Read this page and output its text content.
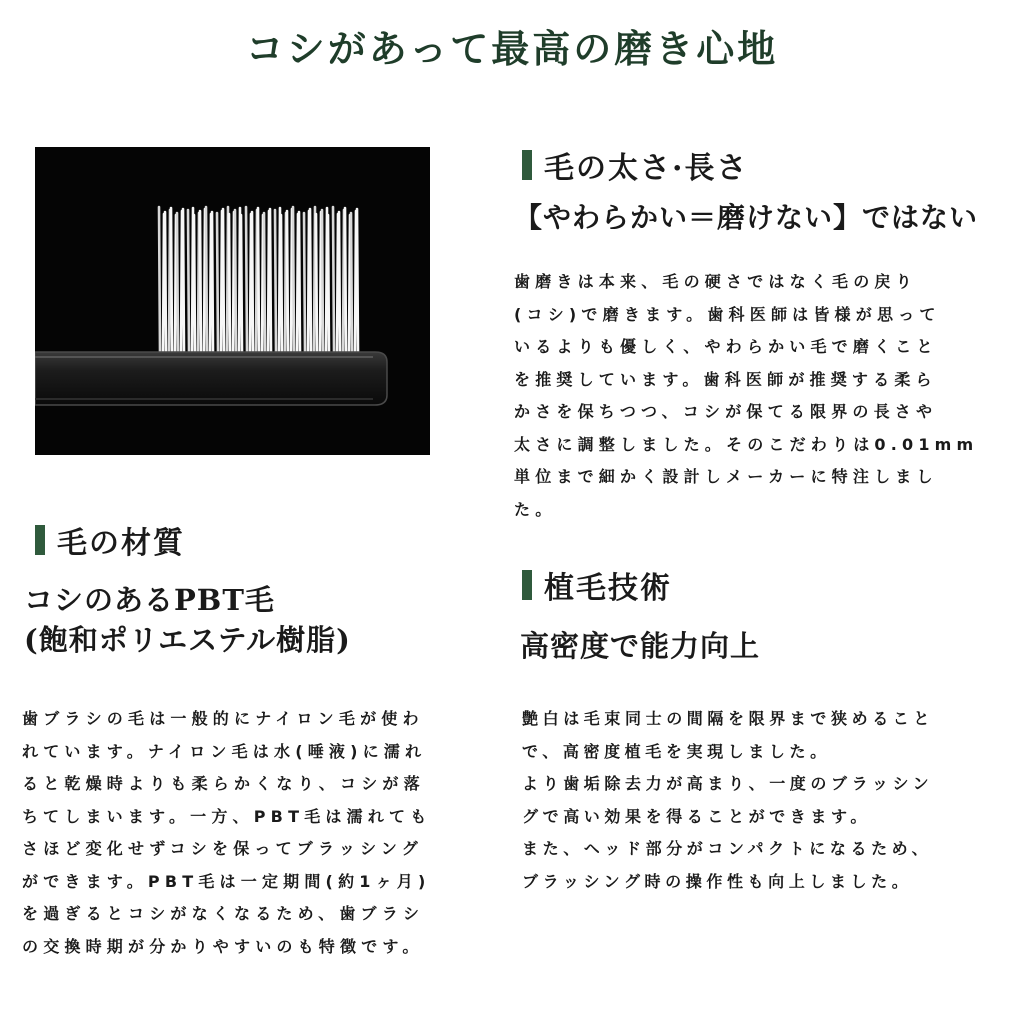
コシがあって最高の磨き心地
毛の太さ·長さ
【やわらかい＝磨けない】ではない
歯磨きは本来、毛の硬さではなく毛の戻り
(コシ)で磨きます。歯科医師は皆様が思って
いるよりも優しく、やわらかい毛で磨くこと
を推奨しています。歯科医師が推奨する柔ら
かさを保ちつつ、コシが保てる限界の長さや
太さに調整しました。そのこだわりは0.01mm
単位まで細かく設計しメーカーに特注しまし
た。
毛の材質
コシのあるPBT毛
(飽和ポリエステル樹脂)
歯ブラシの毛は一般的にナイロン毛が使わ
れています。ナイロン毛は水(唾液)に濡れ
ると乾燥時よりも柔らかくなり、コシが落
ちてしまいます。一方、PBT毛は濡れても
さほど変化せずコシを保ってブラッシング
ができます。PBT毛は一定期間(約1ヶ月)
を過ぎるとコシがなくなるため、歯ブラシ
の交換時期が分かりやすいのも特徴です。
植毛技術
高密度で能力向上
艶白は毛束同士の間隔を限界まで狭めること
で、高密度植毛を実現しました。
より歯垢除去力が高まり、一度のブラッシン
グで高い効果を得ることができます。
また、ヘッド部分がコンパクトになるため、
ブラッシング時の操作性も向上しました。
